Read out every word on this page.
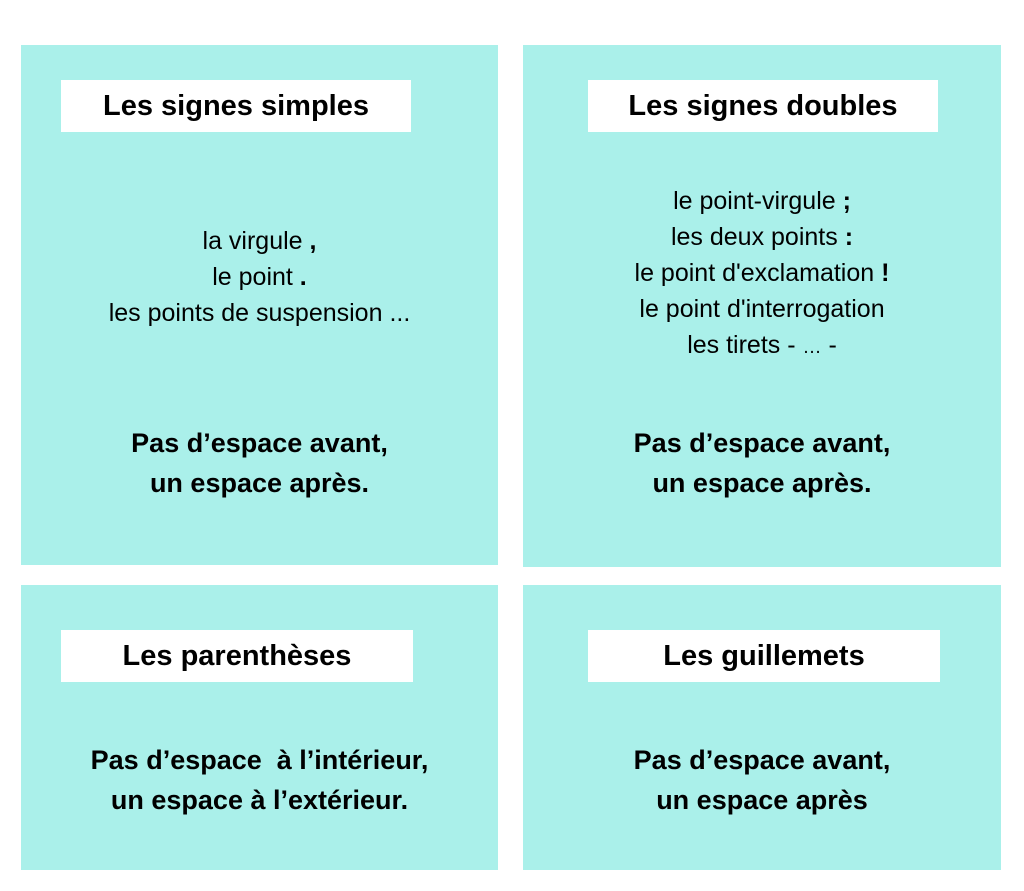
Les signes simples
la virgule ,
le point .
les points de suspension ...
Pas d’espace avant,
un espace après.
Les signes doubles
le point-virgule ;
les deux points :
le point d'exclamation !
le point d'interrogation
les tirets - … -
Pas d’espace avant,
un espace après.
Les parenthèses
Pas d’espace  à l’intérieur,
un espace à l’extérieur.
Les guillemets
Pas d’espace avant,
un espace après
